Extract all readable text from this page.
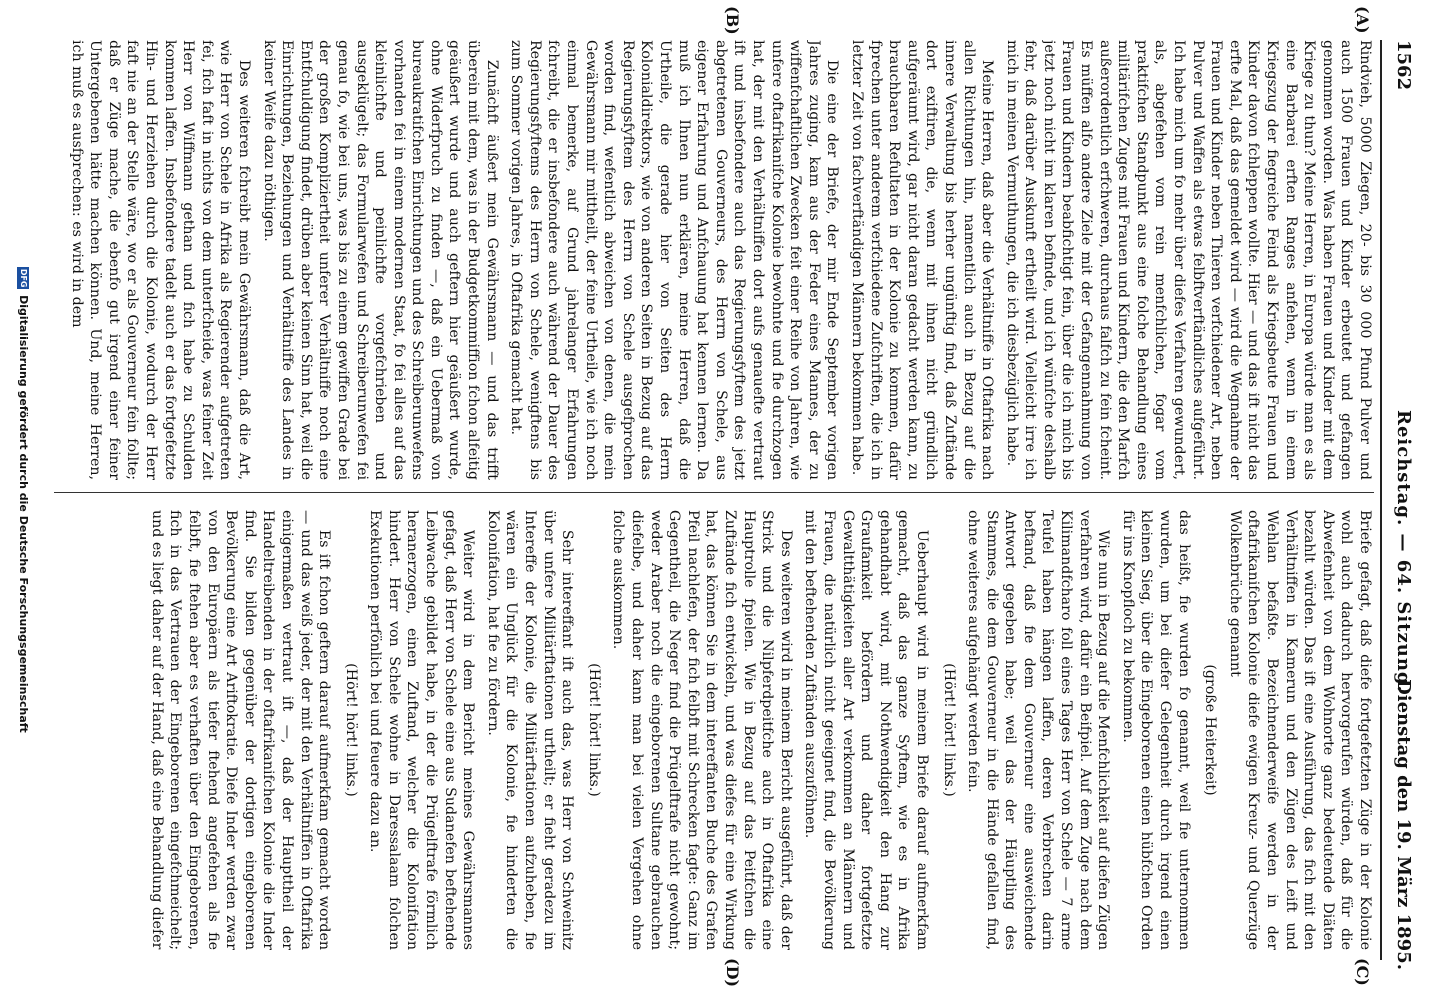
1562
Reichstag. — 64. Sitzung.
Dienstag den 19. März 1895.
(A)
(B)
(C)
(D)

Rindvieh, 5000 Ziegen, 20- bis 30 000 Pfund Pulver und auch 1500 Frauen und Kinder erbeutet und gefangen genommen worden. Was haben Frauen und Kinder mit dem Kriege zu thun? Meine Herren, in Europa würde man es als eine Barbarei erften Ranges anfehen, wenn in einem Kriegszug der fiegreiche Feind als Kriegsbeute Frauen und Kinder davon fchleppen wollte. Hier — und das ift nicht das erfte Mal, daß das gemeldet wird — wird die Wegnahme der Frauen und Kinder neben Thieren verfchiedener Art, neben Pulver und Waffen als etwas felbftverftändliches aufgeführt. Ich habe mich um fo mehr über diefes Verfahren gewundert, als, abgefehen vom rein menfchlichen, fogar vom praktifchen Standpunkt aus eine folche Behandlung eines militärifchen Zuges mit Frauen und Kindern, die den Marfch außerordentlich erfchweren, durchaus falfch zu fein fcheint. Es müffen alfo andere Ziele mit der Gefangennahmung von Frauen und Kindern beabfichtigt fein, über die ich mich bis jetzt noch nicht im klaren befinde, und ich wünfche deshalb fehr, daß darüber Auskunft ertheilt wird. Vielleicht irre ich mich in meinen Vermuthungen, die ich diesbezüglich habe.

Meine Herren, daß aber die Verhältniffe in Oftafrika nach allen Richtungen hin, namentlich auch in Bezug auf die innere Verwaltung bis herher ungünftig find, daß Zuftände dort exiftiren, die, wenn mit ihnen nicht gründlich aufgeräumt wird, gar nicht daran gedacht werden kann, zu brauchbaren Refultaten in der Kolonie zu kommen, dafür fprechen unter anderem verfchiedene Zufchriften, die ich in letzter Zeit von fachverftändigen Männern bekommen habe.

Die eine der Briefe, der mir Ende September vorigen Jahres zuging, kam aus der Feder eines Mannes, der zu wiffenfchaftlichen Zwecken feit einer Reihe von Jahren, wie unfere oftafrikanifche Kolonie bewohnte und fie durchzogen hat, der mit den Verhältniffen dort aufs genauefte vertraut ift und insbefondere auch das Regierungsfyftem des jetzt abgetretenen Gouverneurs, des Herrn von Schele, aus eigener Erfahrung und Anfchauung hat kennen lernen. Da muß ich Ihnen nun erklären, meine Herren, daß die Urtheile, die gerade hier von Seiten des Herrn Kolonialdirektors, wie von anderen Seiten in Bezug auf das Regierungsfyftem des Herrn von Schele ausgefprochen worden find, wefentlich abweichen von denen, die mein Gewährsmann mir mittheilt, der feine Urtheile, wie ich noch einmal bemerke, auf Grund jahrelanger Erfahrungen fchreibt, die er insbefondere auch während der Dauer des Regierungsfyftems des Herrn von Schele, wenigftens bis zum Sommer vorigen Jahres, in Oftafrika gemacht hat.

Zunächft äußert mein Gewährsmann — und das trifft überein mit dem, was in der Budgetkommiffion fchon alfeitig geäußert wurde und auch geftern hier geäußert wurde, ohne Widerfpruch zu finden —, daß ein Uebermaß von bureaukratifchen Einrichtungen und des Schreiberunwefens vorhanden fei in einem modernen Staat, fo fei alles auf das kleinlichfte und peinlichfte vorgefchrieben und ausgeklügelt; das Formularwefen und Schreiberunwefen fei genau fo, wie bei uns, was bis zu einem gewiffen Grade bei der großen Kompliziertheit unferer Verhältniffe noch eine Entfchuldigung findet, drüben aber keinen Sinn hat, weil die Einrichtungen, Beziehungen und Verhältniffe des Landes in keiner Weife dazu nöthigen.

Des weiteren fchreibt mein Gewährsmann, daß die Art, wie Herr von Schele in Afrika als Regierender aufgetreten fei, fich faft in nichts von dem unterfcheide, was feiner Zeit Herr von Wiffmann gethan und fich habe zu Schulden kommen laffen. Insbefondere tadelt auch er das fortgefetzte Hin- und Herziehen durch die Kolonie, wodurch der Herr faft nie an der Stelle wäre, wo er als Gouverneur fein follte; daß er Züge mache, die ebenfo gut irgend einer feiner Untergebenen hätte machen können. Und, meine Herren, ich muß es ausfprechen: es wird in dem

Briefe gefagt, daß diefe fortgefetzten Züge in der Kolonie wohl auch dadurch hervorgerufen würden, daß für die Abwefenheit von dem Wohnorte ganz bedeutende Diäten bezahlt würden. Das ift eine Ausführung, das fich mit den Verhältniffen in Kamerun und den Zügen des Leift und Wehlan befaßte. Bezeichnenderweife werden in der oftafrikanifchen Kolonie diefe ewigen Kreuz- und Querzüge Wolkenbrüche genannt

(große Heiterkeit)

das heißt, fie wurden fo genannt, weil fie unternommen wurden, um bei diefer Gelegenheit durch irgend einen kleinen Sieg, über die Eingeborenen einen hübfchen Orden für ins Knopfloch zu bekommen.

Wie nun in Bezug auf die Menfchlichkeit auf diefen Zügen verfahren wird, dafür ein Beifpiel. Auf dem Zuge nach dem Kilimandfcharo foll eines Tages Herr von Schele — 7 arme Teufel haben hängen laffen, deren Verbrechen darin beftand, daß fie dem Gouverneur eine ausweichende Antwort gegeben habe; weil das der Häuptling des Stammes, die dem Gouverneur in die Hände gefallen find, ohne weiteres aufgehängt werden fein.

(Hört! hört! links.)

Ueberhaupt wird in meinem Briefe darauf aufmerkfam gemacht, daß das ganze Syftem, wie es in Afrika gehandhabt wird, mit Nothwendigkeit den Hang zur Graufamkeit befördern und daher fortgefetzte Gewaltthätigkeiten aller Art verkommen an Männern und Frauen, die natürlich nicht geeignet find, die Bevölkerung mit den beftehenden Zuftänden auszuföhnen.

Des weiteren wird in meinem Bericht ausgeführt, daß der Strick und die Nilpferdpeitfche auch in Oftafrika eine Hauptrolle fpielen. Wie in Bezug auf das Peitfchen die Zuftände fich entwickeln, und was diefes für eine Wirkung hat, das können Sie in dem intereffanten Buche des Grafen Pfeil nachlefen, der fich felbft mit Schrecken fagte: Ganz im Gegentheil, die Neger find die Prügelftrafe nicht gewohnt; weder Araber noch die eingeborenen Sultane gebrauchen diefelbe, und daher kann man bei vielen Vergehen ohne folche auskommen.

(Hört! hört! links.)

Sehr intereffant ift auch das, was Herr von Schweinitz über unfere Militärftationen urtheilt; er fieht geradezu im Intereffe der Kolonie, die Militärftationen aufzuheben, fie wären ein Unglück für die Kolonie, fie hinderten die Kolonifation, hat fie zu fördern.

Weiter wird in dem Bericht meines Gewährsmannes gefagt, daß Herr von Schele eine aus Sudanefen beftehende Leibwache gebildet habe, in der die Prügelftrafe förmlich heranerzogen, einen Zuftand, welcher die Kolonifation hindert. Herr von Schele wohne in Daressalaam folchen Exekutionen perfönlich bei und feuere dazu an.

(Hört! hört! links.)

Es ift fchon geftern darauf aufmerkfam gemacht worden — und das weiß jeder, der mit den Verhältniffen in Oftafrika einigermaßen vertraut ift —, daß der Haupttheil der Handeltreibenden in der oftafrikanifchen Kolonie die Inder find. Sie bilden gegenüber der dortigen eingeborenen Bevölkerung eine Art Ariftokratie. Diefe Inder werden zwar von den Europäern als tiefer ftehend angefehen als fie felbft, fie ftehen aber es verhaften über den Eingeborenen, fich in das Vertrauen der Eingeborenen eingefchmeichelt; und es liegt daher auf der Hand, daß eine Behandlung diefer

DFGDigitalisierung gefördert durch die Deutsche Forschungsgemeinschaft
